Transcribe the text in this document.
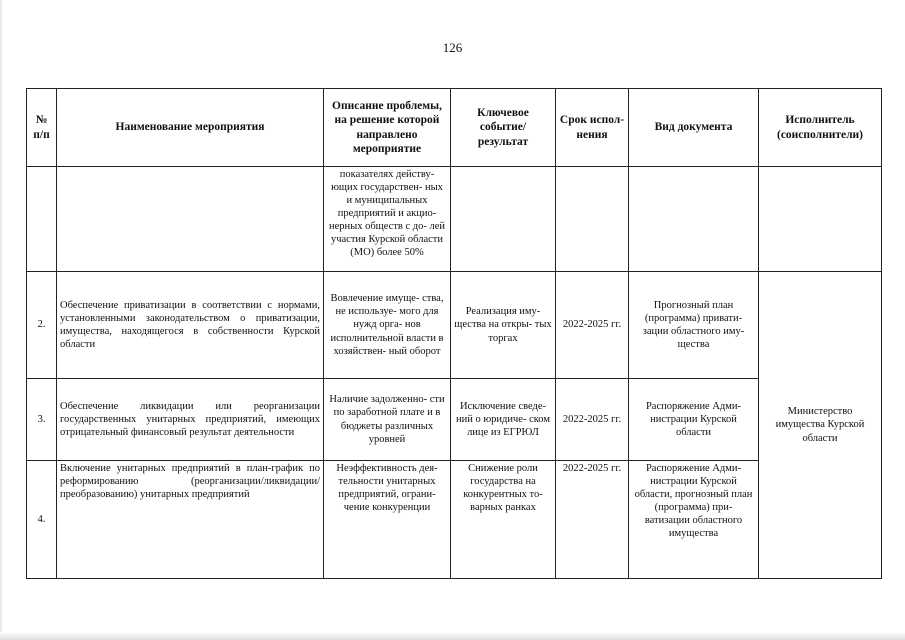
126
№ п/п	Наименование мероприятия	Описание проблемы, на решение которой направлено мероприятие	Ключевое событие/ результат	Срок испол- нения	Вид документа	Исполнитель (соисполнители)
		показателях действу- ющих государствен- ных и муниципальных предприятий и акцио- нерных обществ с до- лей участия Курской области (МО) более 50%				
2.	Обеспечение приватизации в соответствии с нормами, установленными законодательством о приватизации, имущества, находящегося в собственности Курской области	Вовлечение имуще- ства, не используе- мого для нужд орга- нов исполнительной власти в хозяйствен- ный оборот	Реализация иму- щества на откры- тых торгах	2022-2025 гг.	Прогнозный план (программа) привати- зации областного иму- щества	Министерство имущества Курской области
3.	Обеспечение ликвидации или реорганизации государственных унитарных предприятий, имеющих отрицательный финансовый результат деятельности	Наличие задолженно- сти по заработной плате и в бюджеты различных уровней	Исключение сведе- ний о юридиче- ском лице из ЕГРЮЛ	2022-2025 гг.	Распоряжение Адми- нистрации Курской области	
4.	Включение унитарных предприятий в план-график по реформированию (реорганизации/ликвидации/преобразованию) унитарных предприятий	Неэффективность дея- тельности унитарных предприятий, ограни- чение конкуренции	Снижение роли государства на конкурентных то- варных ранках	2022-2025 гг.	Распоряжение Адми- нистрации Курской области, прогнозный план (программа) при- ватизации областного имущества	
